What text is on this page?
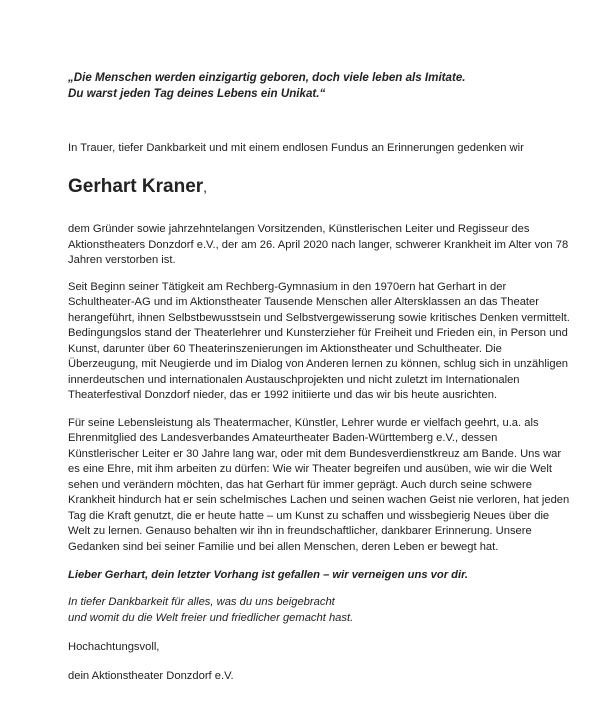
„Die Menschen werden einzigartig geboren, doch viele leben als Imitate.
Du warst jeden Tag deines Lebens ein Unikat.“

In Trauer, tiefer Dankbarkeit und mit einem endlosen Fundus an Erinnerungen gedenken wir
Gerhart Kraner,

dem Gründer sowie jahrzehntelangen Vorsitzenden, Künstlerischen Leiter und Regisseur des
Aktionstheaters Donzdorf e.V., der am 26. April 2020 nach langer, schwerer Krankheit im Alter von 78
Jahren verstorben ist.

Seit Beginn seiner Tätigkeit am Rechberg-Gymnasium in den 1970ern hat Gerhart in der
Schultheater-AG und im Aktionstheater Tausende Menschen aller Altersklassen an das Theater
herangeführt, ihnen Selbstbewusstsein und Selbstvergewisserung sowie kritisches Denken vermittelt.
Bedingungslos stand der Theaterlehrer und Kunsterzieher für Freiheit und Frieden ein, in Person und
Kunst, darunter über 60 Theaterinszenierungen im Aktionstheater und Schultheater. Die
Überzeugung, mit Neugierde und im Dialog von Anderen lernen zu können, schlug sich in unzähligen
innerdeutschen und internationalen Austauschprojekten und nicht zuletzt im Internationalen
Theaterfestival Donzdorf nieder, das er 1992 initiierte und das wir bis heute ausrichten.

Für seine Lebensleistung als Theatermacher, Künstler, Lehrer wurde er vielfach geehrt, u.a. als
Ehrenmitglied des Landesverbandes Amateurtheater Baden-Württemberg e.V., dessen
Künstlerischer Leiter er 30 Jahre lang war, oder mit dem Bundesverdienstkreuz am Bande. Uns war
es eine Ehre, mit ihm arbeiten zu dürfen: Wie wir Theater begreifen und ausüben, wie wir die Welt
sehen und verändern möchten, das hat Gerhart für immer geprägt. Auch durch seine schwere
Krankheit hindurch hat er sein schelmisches Lachen und seinen wachen Geist nie verloren, hat jeden
Tag die Kraft genutzt, die er heute hatte – um Kunst zu schaffen und wissbegierig Neues über die
Welt zu lernen. Genauso behalten wir ihn in freundschaftlicher, dankbarer Erinnerung. Unsere
Gedanken sind bei seiner Familie und bei allen Menschen, deren Leben er bewegt hat.

Lieber Gerhart, dein letzter Vorhang ist gefallen – wir verneigen uns vor dir.
In tiefer Dankbarkeit für alles, was du uns beigebracht
und womit du die Welt freier und friedlicher gemacht hast.
Hochachtungsvoll,
dein Aktionstheater Donzdorf e.V.
